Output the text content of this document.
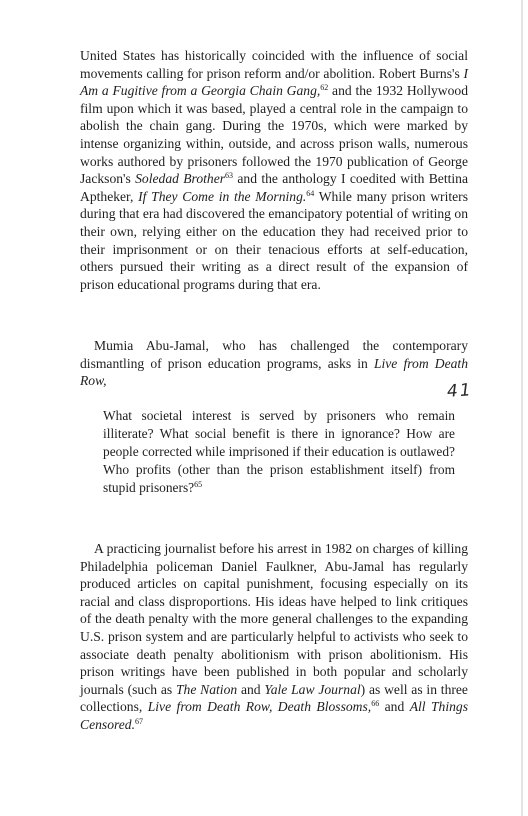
United States has historically coincided with the influence of social movements calling for prison reform and/or abolition. Robert Burns's I Am a Fugitive from a Georgia Chain Gang,$^{62}$ and the 1932 Hollywood film upon which it was based, played a central role in the campaign to abolish the chain gang. During the 1970s, which were marked by intense organizing within, outside, and across prison walls, numerous works authored by prisoners followed the 1970 publication of George Jackson's Soledad Brother$^{63}$ and the anthology I coedited with Bettina Aptheker, If They Come in the Morning.$^{64}$ While many prison writers during that era had discovered the emancipatory potential of writing on their own, relying either on the education they had received prior to their imprisonment or on their tenacious efforts at self-education, others pursued their writing as a direct result of the expansion of prison educational programs during that era.

Mumia Abu-Jamal, who has challenged the contemporary dismantling of prison education programs, asks in Live from Death Row,	41

What societal interest is served by prisoners who remain illiterate? What social benefit is there in ignorance? How are people corrected while imprisoned if their education is outlawed? Who profits (other than the prison establishment itself) from stupid prisoners?$^{65}$

A practicing journalist before his arrest in 1982 on charges of killing Philadelphia policeman Daniel Faulkner, Abu-Jamal has regularly produced articles on capital punishment, focusing especially on its racial and class disproportions. His ideas have helped to link critiques of the death penalty with the more general challenges to the expanding U.S. prison system and are particularly helpful to activists who seek to associate death penalty abolitionism with prison abolitionism. His prison writings have been published in both popular and scholarly journals (such as The Nation and Yale Law Journal) as well as in three collections, Live from Death Row, Death Blossoms,$^{66}$ and All Things Censored.$^{67}$
